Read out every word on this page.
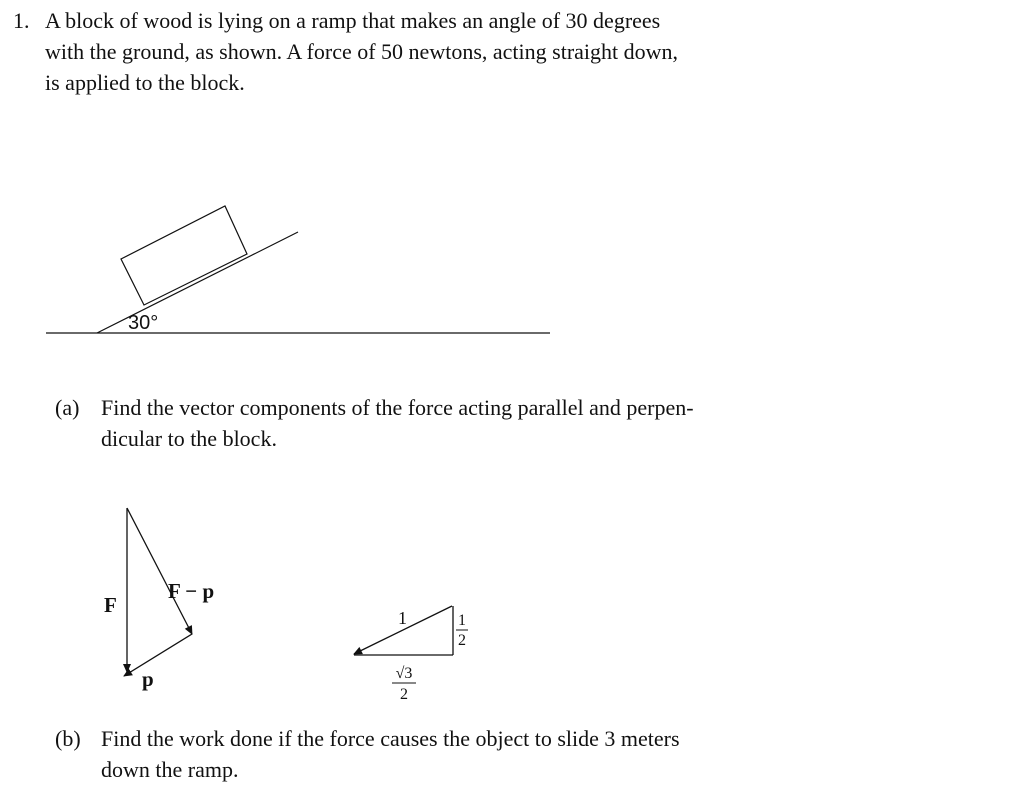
1. A block of wood is lying on a ramp that makes an angle of 30 degrees
with the ground, as shown. A force of 50 newtons, acting straight down,
is applied to the block.
(a) Find the vector components of the force acting parallel and perpen-
dicular to the block.
(b) Find the work done if the force causes the object to slide 3 meters
down the ramp.
30°
F
F − p
p
1	1
2
√3
2
